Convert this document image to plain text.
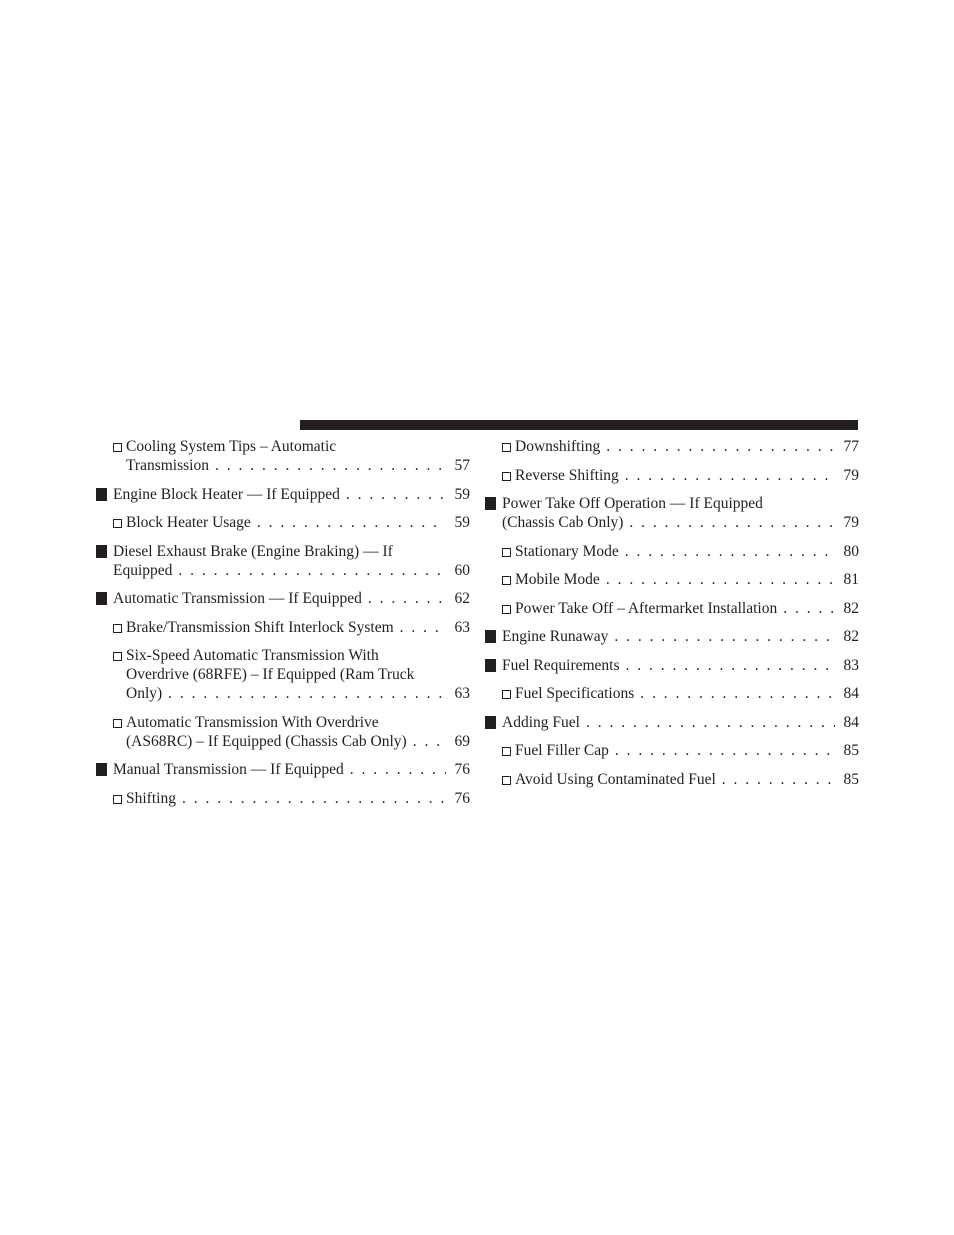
Cooling System Tips – Automatic
Transmission . . .	57
Engine Block Heater — If Equipped . . .	59
Block Heater Usage . . .	59
Diesel Exhaust Brake (Engine Braking) — If
Equipped . . .	60
Automatic Transmission — If Equipped . . .	62
Brake/Transmission Shift Interlock System . . .	63
Six-Speed Automatic Transmission With
Overdrive (68RFE) – If Equipped (Ram Truck
Only) . . .	63
Automatic Transmission With Overdrive
(AS68RC) – If Equipped (Chassis Cab Only) . . .	69
Manual Transmission — If Equipped . . .	76
Shifting . . .	76
Downshifting . . .	77
Reverse Shifting . . .	79
Power Take Off Operation — If Equipped
(Chassis Cab Only) . . .	79
Stationary Mode . . .	80
Mobile Mode . . .	81
Power Take Off – Aftermarket Installation . . .	82
Engine Runaway . . .	82
Fuel Requirements . . .	83
Fuel Specifications . . .	84
Adding Fuel . . .	84
Fuel Filler Cap . . .	85
Avoid Using Contaminated Fuel . . .	85
